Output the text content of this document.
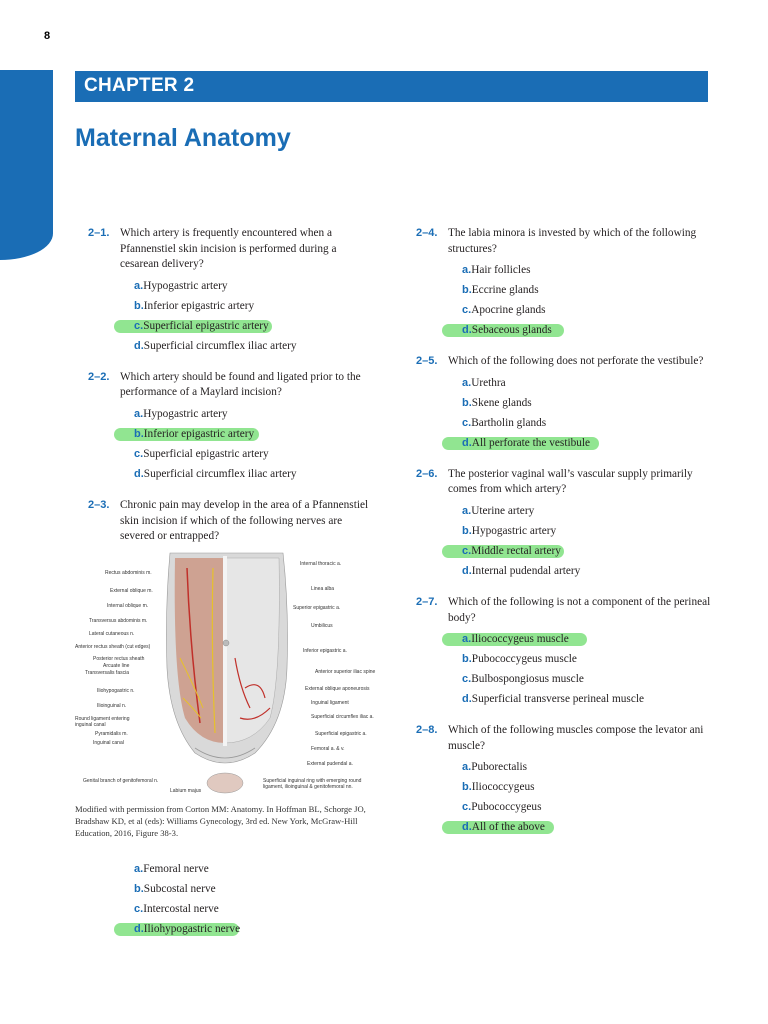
8
CHAPTER 2
Maternal Anatomy
2–1. Which artery is frequently encountered when a Pfannenstiel skin incision is performed during a cesarean delivery?
a.Hypogastric artery
b.Inferior epigastric artery
c.Superficial epigastric artery
d.Superficial circumflex iliac artery
2–2. Which artery should be found and ligated prior to the performance of a Maylard incision?
a.Hypogastric artery
b.Inferior epigastric artery
c.Superficial epigastric artery
d.Superficial circumflex iliac artery
2–3. Chronic pain may develop in the area of a Pfannenstiel skin incision if which of the following nerves are severed or entrapped?
Rectus abdominis m.
External oblique m.
Internal oblique m.
Transversus abdominis m.
Lateral cutaneous n.
Anterior rectus sheath (cut edges)
Posterior rectus sheath
Arcuate line
Transversalis fascia
Iliohypogastric n.
Ilioinguinal n.
Round ligament entering inguinal canal
Pyramidalis m.
Inguinal canal
Genital branch of genitofemoral n.
Labium majus
Internal thoracic a.
Linea alba
Superior epigastric a.
Umbilicus
Inferior epigastric a.
Anterior superior iliac spine
External oblique aponeurosis
Inguinal ligament
Superficial circumflex iliac a.
Superficial epigastric a.
Femoral a. & v.
External pudendal a.
Superficial inguinal ring with emerging round ligament, ilioinguinal & genitofemoral nn.
Modified with permission from Corton MM: Anatomy. In Hoffman BL, Schorge JO, Bradshaw KD, et al (eds): Williams Gynecology, 3rd ed. New York, McGraw-Hill Education, 2016, Figure 38-3.
a.Femoral nerve
b.Subcostal nerve
c.Intercostal nerve
d.Iliohypogastric nerve
2–4. The labia minora is invested by which of the following structures?
a.Hair follicles
b.Eccrine glands
c.Apocrine glands
d.Sebaceous glands
2–5. Which of the following does not perforate the vestibule?
a.Urethra
b.Skene glands
c.Bartholin glands
d.All perforate the vestibule
2–6. The posterior vaginal wall’s vascular supply primarily comes from which artery?
a.Uterine artery
b.Hypogastric artery
c.Middle rectal artery
d.Internal pudendal artery
2–7. Which of the following is not a component of the perineal body?
a.Iliococcygeus muscle
b.Pubococcygeus muscle
c.Bulbospongiosus muscle
d.Superficial transverse perineal muscle
2–8. Which of the following muscles compose the levator ani muscle?
a.Puborectalis
b.Iliococcygeus
c.Pubococcygeus
d.All of the above
